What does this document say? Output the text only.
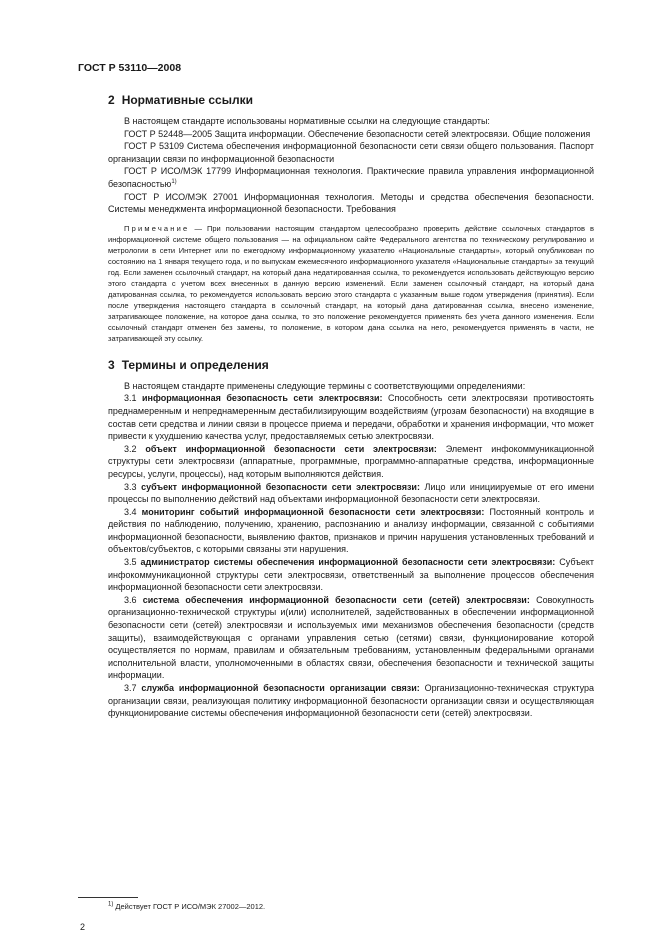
ГОСТ Р 53110—2008
2 Нормативные ссылки

В настоящем стандарте использованы нормативные ссылки на следующие стандарты:

ГОСТ Р 52448—2005 Защита информации. Обеспечение безопасности сетей электросвязи. Общие положения

ГОСТ Р 53109 Система обеспечения информационной безопасности сети связи общего пользования. Паспорт организации связи по информационной безопасности

ГОСТ Р ИСО/МЭК 17799 Информационная технология. Практические правила управления информационной безопасностью$^{1)}$

ГОСТ Р ИСО/МЭК 27001 Информационная технология. Методы и средства обеспечения безопасности. Системы менеджмента информационной безопасности. Требования

Примечание — При пользовании настоящим стандартом целесообразно проверить действие ссылочных стандартов в информационной системе общего пользования — на официальном сайте Федерального агентства по техническому регулированию и метрологии в сети Интернет или по ежегодному информационному указателю «Национальные стандарты», который опубликован по состоянию на 1 января текущего года, и по выпускам ежемесячного информационного указателя «Национальные стандарты» за текущий год. Если заменен ссылочный стандарт, на который дана недатированная ссылка, то рекомендуется использовать действующую версию этого стандарта с учетом всех внесенных в данную версию изменений. Если заменен ссылочный стандарт, на который дана датированная ссылка, то рекомендуется использовать версию этого стандарта с указанным выше годом утверждения (принятия). Если после утверждения настоящего стандарта в ссылочный стандарт, на который дана датированная ссылка, внесено изменение, затрагивающее положение, на которое дана ссылка, то это положение рекомендуется применять без учета данного изменения. Если ссылочный стандарт отменен без замены, то положение, в котором дана ссылка на него, рекомендуется применять в части, не затрагивающей эту ссылку.
3 Термины и определения

В настоящем стандарте применены следующие термины с соответствующими определениями:

3.1 информационная безопасность сети электросвязи: Способность сети электросвязи противостоять преднамеренным и непреднамеренным дестабилизирующим воздействиям (угрозам безопасности) на входящие в состав сети средства и линии связи в процессе приема и передачи, обработки и хранения информации, что может привести к ухудшению качества услуг, предоставляемых сетью электросвязи.

3.2 объект информационной безопасности сети электросвязи: Элемент инфокоммуникационной структуры сети электросвязи (аппаратные, программные, программно-аппаратные средства, информационные ресурсы, услуги, процессы), над которым выполняются действия.

3.3 субъект информационной безопасности сети электросвязи: Лицо или инициируемые от его имени процессы по выполнению действий над объектами информационной безопасности сети электросвязи.

3.4 мониторинг событий информационной безопасности сети электросвязи: Постоянный контроль и действия по наблюдению, получению, хранению, распознанию и анализу информации, связанной с событиями информационной безопасности, выявлению фактов, признаков и причин нарушения установленных требований и объектов/субъектов, с которыми связаны эти нарушения.

3.5 администратор системы обеспечения информационной безопасности сети электросвязи: Субъект инфокоммуникационной структуры сети электросвязи, ответственный за выполнение процессов обеспечения информационной безопасности сети электросвязи.

3.6 система обеспечения информационной безопасности сети (сетей) электросвязи: Совокупность организационно-технической структуры и(или) исполнителей, задействованных в обеспечении информационной безопасности сети (сетей) электросвязи и используемых ими механизмов обеспечения безопасности (средств защиты), взаимодействующая с органами управления сетью (сетями) связи, функционирование которой осуществляется по нормам, правилам и обязательным требованиям, установленным федеральными органами исполнительной власти, уполномоченными в областях связи, обеспечения безопасности и технической защиты информации.

3.7 служба информационной безопасности организации связи: Организационно-техническая структура организации связи, реализующая политику информационной безопасности организации связи и осуществляющая функционирование системы обеспечения информационной безопасности сети (сетей) электросвязи.

$^{1)}$ Действует ГОСТ Р ИСО/МЭК 27002—2012.
2
